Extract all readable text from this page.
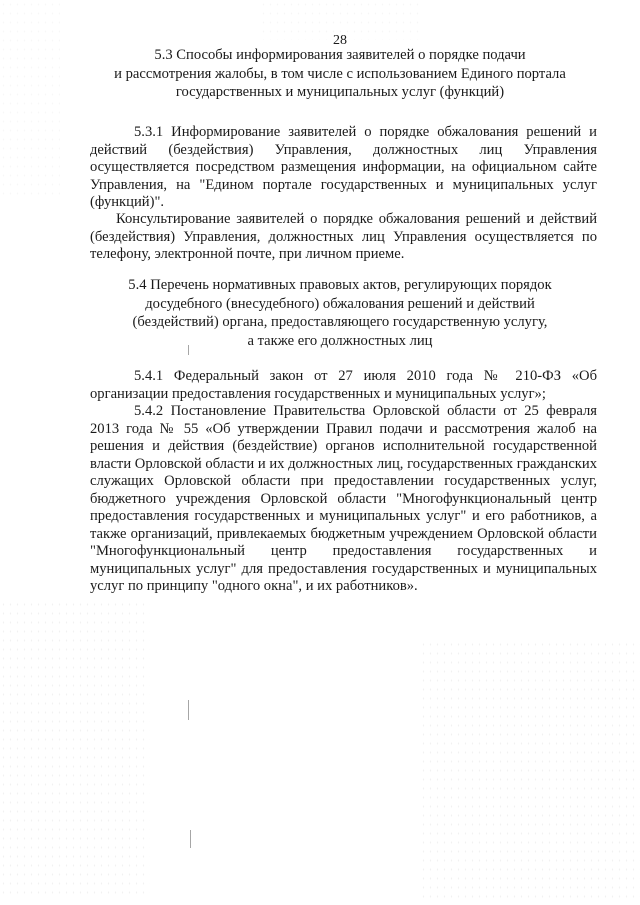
28
5.3 Способы информирования заявителей о порядке подачи
и рассмотрения жалобы, в том числе с использованием Единого портала
государственных и муниципальных услуг (функций)
5.3.1 Информирование заявителей о порядке обжалования решений и действий (бездействия) Управления, должностных лиц Управления осуществляется посредством размещения информации, на официальном сайте Управления, на "Едином портале государственных и муниципальных услуг (функций)".
Консультирование заявителей о порядке обжалования решений и действий (бездействия) Управления, должностных лиц Управления осуществляется по телефону, электронной почте, при личном приеме.
5.4 Перечень нормативных правовых актов, регулирующих порядок
досудебного (внесудебного) обжалования решений и действий
(бездействий) органа, предоставляющего государственную услугу,
а также его должностных лиц
5.4.1 Федеральный закон от 27 июля 2010 года № 210-ФЗ «Об организации предоставления государственных и муниципальных услуг»;
5.4.2 Постановление Правительства Орловской области от 25 февраля 2013 года № 55 «Об утверждении Правил подачи и рассмотрения жалоб на решения и действия (бездействие) органов исполнительной государственной власти Орловской области и их должностных лиц, государственных гражданских служащих Орловской области при предоставлении государственных услуг, бюджетного учреждения Орловской области "Многофункциональный центр предоставления государственных и муниципальных услуг" и его работников, а также организаций, привлекаемых бюджетным учреждением Орловской области "Многофункциональный центр предоставления государственных и муниципальных услуг" для предоставления государственных и муниципальных услуг по принципу "одного окна", и их работников».
